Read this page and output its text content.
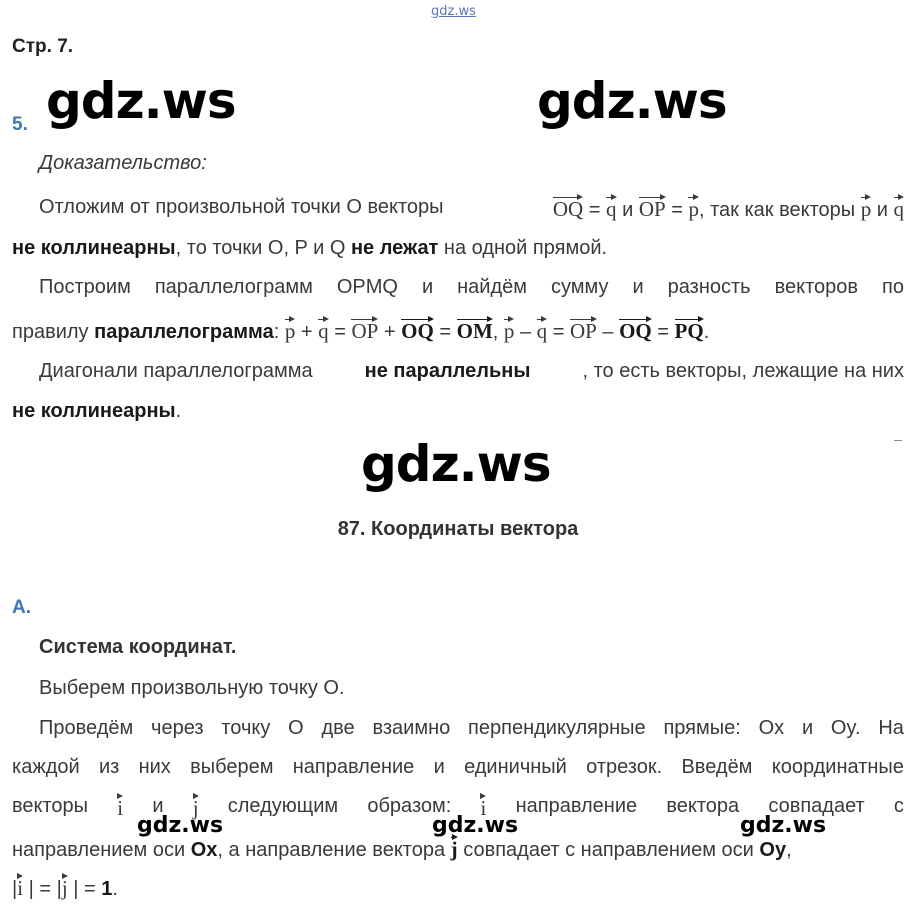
gdz.ws
Стр. 7.
5. gdz.ws	gdz.ws
Доказательство:
Отложим от произвольной точки O векторы	OQ = q и OP = p, так как векторы p и q
не коллинеарны, то точки O, P и Q не лежат на одной прямой.
Построим параллелограмм OPMQ и найдём сумму и разность векторов по
правилу параллелограмма: p + q = OP + OQ = OM, p – q = OP – OQ = PQ.
Диагонали параллелограмма	не параллельны	, то есть векторы, лежащие на них
не коллинеарны.
gdz.ws
87. Координаты вектора
А.
Система координат.
Выберем произвольную точку O.
Проведём через точку O две взаимно перпендикулярные прямые: Ox и Oy. На
каждой из них выберем направление и единичный отрезок. Введём координатные
векторы i и j следующим образом: i направление вектора совпадает с
gdz.ws	gdz.ws	gdz.ws
направлением оси Ox, а направление вектора j совпадает с направлением оси Oy,
|i | = |j | = 1.
